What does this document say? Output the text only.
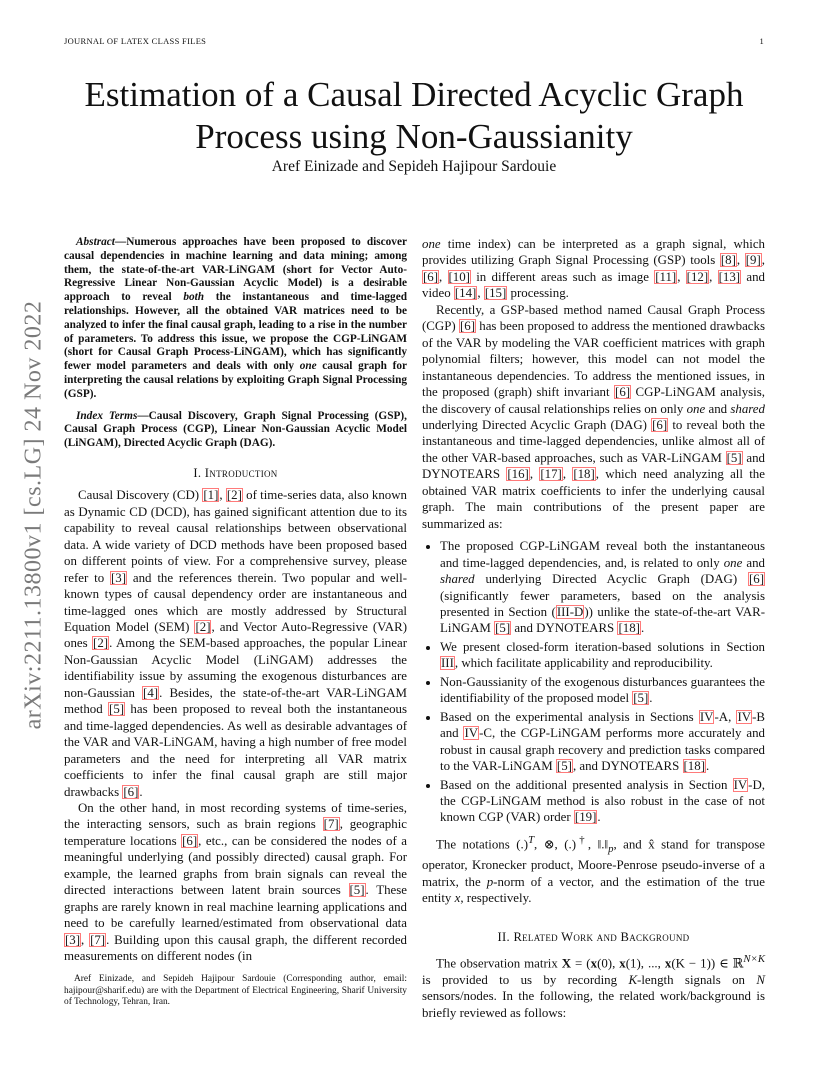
JOURNAL OF LATEX CLASS FILES	1
Estimation of a Causal Directed Acyclic Graph Process using Non-Gaussianity
Aref Einizade and Sepideh Hajipour Sardouie
arXiv:2211.13800v1 [cs.LG] 24 Nov 2022
Abstract—Numerous approaches have been proposed to discover causal dependencies in machine learning and data mining; among them, the state-of-the-art VAR-LiNGAM (short for Vector Auto-Regressive Linear Non-Gaussian Acyclic Model) is a desirable approach to reveal both the instantaneous and time-lagged relationships. However, all the obtained VAR matrices need to be analyzed to infer the final causal graph, leading to a rise in the number of parameters. To address this issue, we propose the CGP-LiNGAM (short for Causal Graph Process-LiNGAM), which has significantly fewer model parameters and deals with only one causal graph for interpreting the causal relations by exploiting Graph Signal Processing (GSP).
Index Terms—Causal Discovery, Graph Signal Processing (GSP), Causal Graph Process (CGP), Linear Non-Gaussian Acyclic Model (LiNGAM), Directed Acyclic Graph (DAG).
I. Introduction

Causal Discovery (CD) [1], [2] of time-series data, also known as Dynamic CD (DCD), has gained significant attention due to its capability to reveal causal relationships between observational data. A wide variety of DCD methods have been proposed based on different points of view. For a comprehensive survey, please refer to [3] and the references therein. Two popular and well-known types of causal dependency order are instantaneous and time-lagged ones which are mostly addressed by Structural Equation Model (SEM) [2], and Vector Auto-Regressive (VAR) ones [2]. Among the SEM-based approaches, the popular Linear Non-Gaussian Acyclic Model (LiNGAM) addresses the identifiability issue by assuming the exogenous disturbances are non-Gaussian [4]. Besides, the state-of-the-art VAR-LiNGAM method [5] has been proposed to reveal both the instantaneous and time-lagged dependencies. As well as desirable advantages of the VAR and VAR-LiNGAM, having a high number of free model parameters and the need for interpreting all VAR matrix coefficients to infer the final causal graph are still major drawbacks [6].

On the other hand, in most recording systems of time-series, the interacting sensors, such as brain regions [7], geographic temperature locations [6], etc., can be considered the nodes of a meaningful underlying (and possibly directed) causal graph. For example, the learned graphs from brain signals can reveal the directed interactions between latent brain sources [5]. These graphs are rarely known in real machine learning applications and need to be carefully learned/estimated from observational data [3], [7]. Building upon this causal graph, the different recorded measurements on different nodes (in

Aref Einizade, and Sepideh Hajipour Sardouie (Corresponding author, email: hajipour@sharif.edu) are with the Department of Electrical Engineering, Sharif University of Technology, Tehran, Iran.

one time index) can be interpreted as a graph signal, which provides utilizing Graph Signal Processing (GSP) tools [8], [9], [6], [10] in different areas such as image [11], [12], [13] and video [14], [15] processing.

Recently, a GSP-based method named Causal Graph Process (CGP) [6] has been proposed to address the mentioned drawbacks of the VAR by modeling the VAR coefficient matrices with graph polynomial filters; however, this model can not model the instantaneous dependencies. To address the mentioned issues, in the proposed (graph) shift invariant [6] CGP-LiNGAM analysis, the discovery of causal relationships relies on only one and shared underlying Directed Acyclic Graph (DAG) [6] to reveal both the instantaneous and time-lagged dependencies, unlike almost all of the other VAR-based approaches, such as VAR-LiNGAM [5] and DYNOTEARS [16], [17], [18], which need analyzing all the obtained VAR matrix coefficients to infer the underlying causal graph. The main contributions of the present paper are summarized as:

• The proposed CGP-LiNGAM reveal both the instantaneous and time-lagged dependencies, and, is related to only one and shared underlying Directed Acyclic Graph (DAG) [6] (significantly fewer parameters, based on the analysis presented in Section (III-D)) unlike the state-of-the-art VAR-LiNGAM [5] and DYNOTEARS [18].
• We present closed-form iteration-based solutions in Section III, which facilitate applicability and reproducibility.
• Non-Gaussianity of the exogenous disturbances guarantees the identifiability of the proposed model [5].
• Based on the experimental analysis in Sections IV-A, IV-B and IV-C, the CGP-LiNGAM performs more accurately and robust in causal graph recovery and prediction tasks compared to the VAR-LiNGAM [5], and DYNOTEARS [18].
• Based on the additional presented analysis in Section IV-D, the CGP-LiNGAM method is also robust in the case of not known CGP (VAR) order [19].

The notations (.)$^T$, ⊗, (.)†, $‖.‖_p$, and x̂ stand for transpose operator, Kronecker product, Moore-Penrose pseudo-inverse of a matrix, the p-norm of a vector, and the estimation of the true entity x, respectively.

II. Related Work and Background

The observation matrix X = (x(0), x(1), ..., x(K − 1)) ∈ ℝ$^{N\times K}$ is provided to us by recording K-length signals on N sensors/nodes. In the following, the related work/background is briefly reviewed as follows:
